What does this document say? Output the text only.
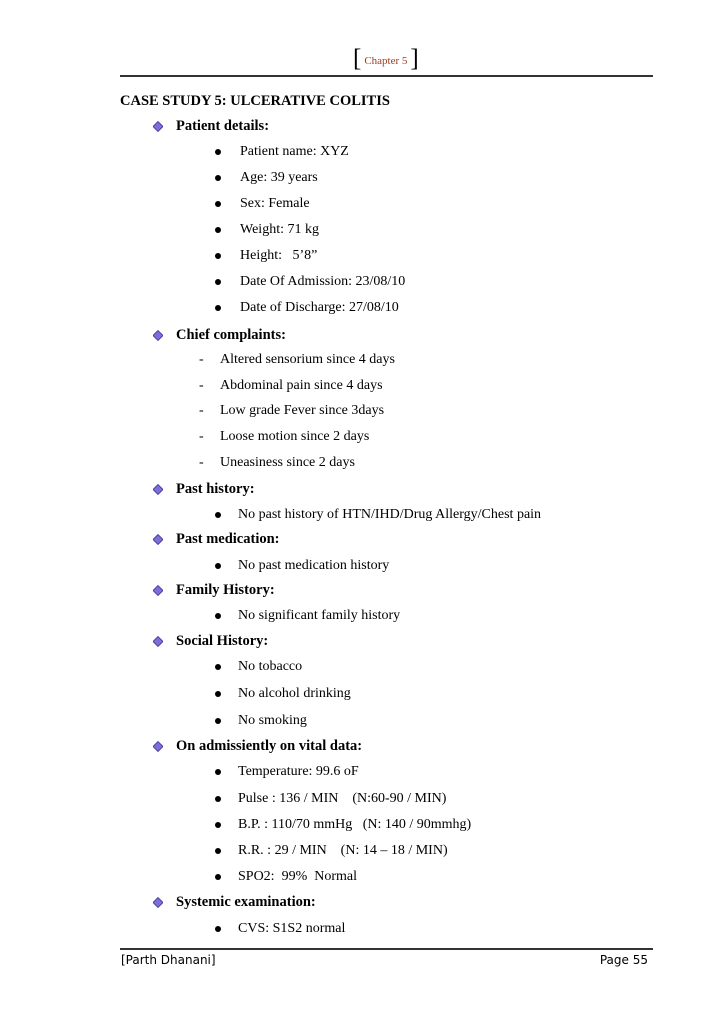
[ Chapter 5 ]
CASE STUDY 5: ULCERATIVE COLITIS
Patient details:
Patient name: XYZ
Age: 39 years
Sex: Female
Weight: 71 kg
Height:   5’8”
Date Of Admission: 23/08/10
Date of Discharge: 27/08/10
Chief complaints:
- Altered sensorium since 4 days
- Abdominal pain since 4 days
- Low grade Fever since 3days
- Loose motion since 2 days
- Uneasiness since 2 days
Past history:
No past history of HTN/IHD/Drug Allergy/Chest pain
Past medication:
No past medication history
Family History:
No significant family history
Social History:
No tobacco
No alcohol drinking
No smoking
On admissiently on vital data:
Temperature: 99.6 oF
Pulse : 136 / MIN    (N:60-90 / MIN)
B.P. : 110/70 mmHg   (N: 140 / 90mmhg)
R.R. : 29 / MIN    (N: 14 – 18 / MIN)
SPO2:  99%  Normal
Systemic examination:
CVS: S1S2 normal
[Parth Dhanani]	Page 55
